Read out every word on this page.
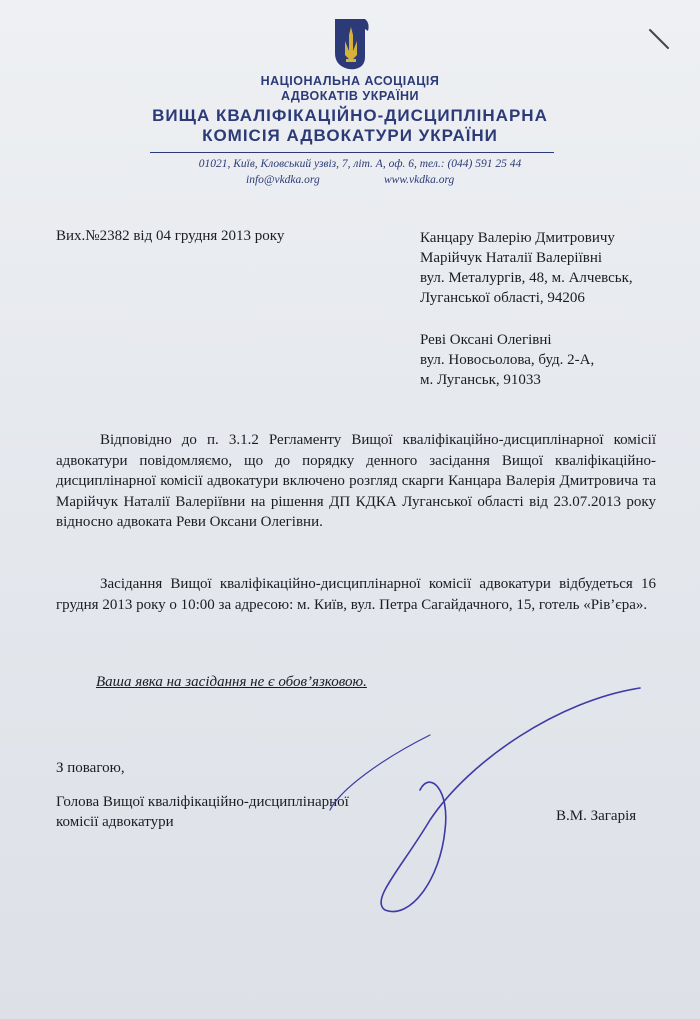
НАЦІОНАЛЬНА АСОЦІАЦІЯ
АДВОКАТІВ УКРАЇНИ
ВИЩА КВАЛІФІКАЦІЙНО-ДИСЦИПЛІНАРНА
КОМІСІЯ АДВОКАТУРИ УКРАЇНИ
01021, Київ, Кловський узвіз, 7, літ. А, оф. 6, тел.: (044) 591 25 44
info@vkdka.org	www.vkdka.org
Вих.№2382 від 04 грудня 2013 року	Канцару Валерію Дмитровичу
Марійчук Наталії Валеріївні
вул. Металургів, 48, м. Алчевськ,
Луганської області, 94206
Реві Оксані Олегівні
вул. Новосьолова, буд. 2-А,
м. Луганськ, 91033
Відповідно до п. 3.1.2 Регламенту Вищої кваліфікаційно-дисциплінарної комісії адвокатури повідомляємо, що до порядку денного засідання Вищої кваліфікаційно-дисциплінарної комісії адвокатури включено розгляд скарги Канцара Валерія Дмитровича та Марійчук Наталії Валеріївни на рішення ДП КДКА Луганської області від 23.07.2013 року відносно адвоката Реви Оксани Олегівни.
Засідання Вищої кваліфікаційно-дисциплінарної комісії адвокатури відбудеться 16 грудня 2013 року о 10:00 за адресою: м. Київ, вул. Петра Сагайдачного, 15, готель «Рів’єра».
Ваша явка на засідання не є обов’язковою.
З повагою,
Голова Вищої кваліфікаційно-дисциплінарної
комісії адвокатури	В.М. Загарія
